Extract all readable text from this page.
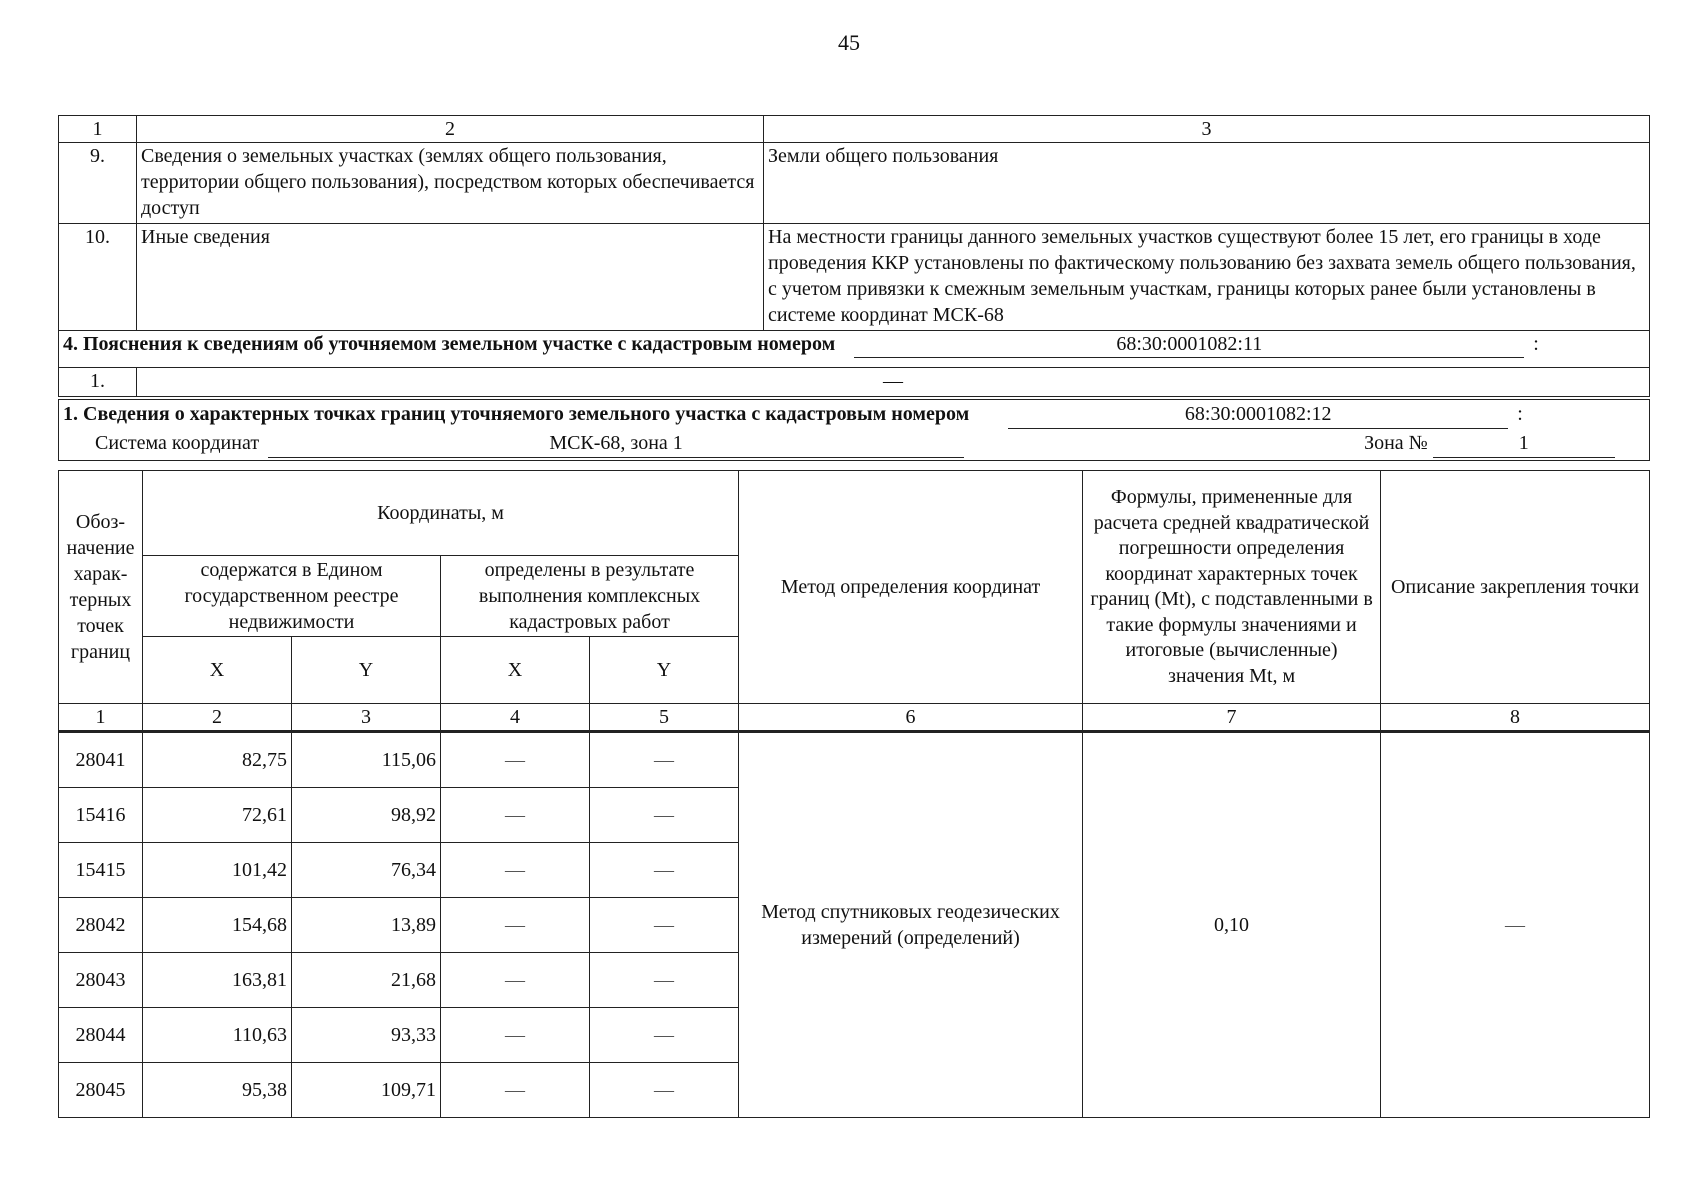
45
1	2	3
9.	Сведения о земельных участках (землях общего пользования, территории общего пользования), посредством которых обеспечивается доступ	Земли общего пользования
10.	Иные сведения	На местности границы данного земельных участков существуют более 15 лет, его границы в ходе проведения ККР установлены по фактическому пользованию без захвата земель общего пользования, с учетом привязки к смежным земельным участкам, границы которых ранее были установлены в системе координат МСК-68
4. Пояснения к сведениям об уточняемом земельном участке с кадастровым номером 68:30:0001082:11 :		
1.	—	

1. Сведения о характерных точках границ уточняемого земельного участка с кадастровым номером 68:30:0001082:12 :
Система координат МСК-68, зона 1 Зона № 1		
Обоз-начение харак-терных точек границ	Координаты, м				Метод определения координат	Формулы, примененные для расчета средней квадратической погрешности определения координат характерных точек границ (Mt), с подставленными в такие формулы значениями и итоговые (вычисленные) значения Mt, м	Описание закрепления точки
	содержатся в Едином государственном реестре недвижимости		определены в результате выполнения комплексных кадастровых работ				
	X	Y	X	Y			
1	2	3	4	5	6	7	8
28041	82,75	115,06	—	—	Метод спутниковых геодезических измерений (определений)	0,10	—
15416	72,61	98,92	—	—			
15415	101,42	76,34	—	—			
28042	154,68	13,89	—	—			
28043	163,81	21,68	—	—			
28044	110,63	93,33	—	—			
28045	95,38	109,71	—	—			
